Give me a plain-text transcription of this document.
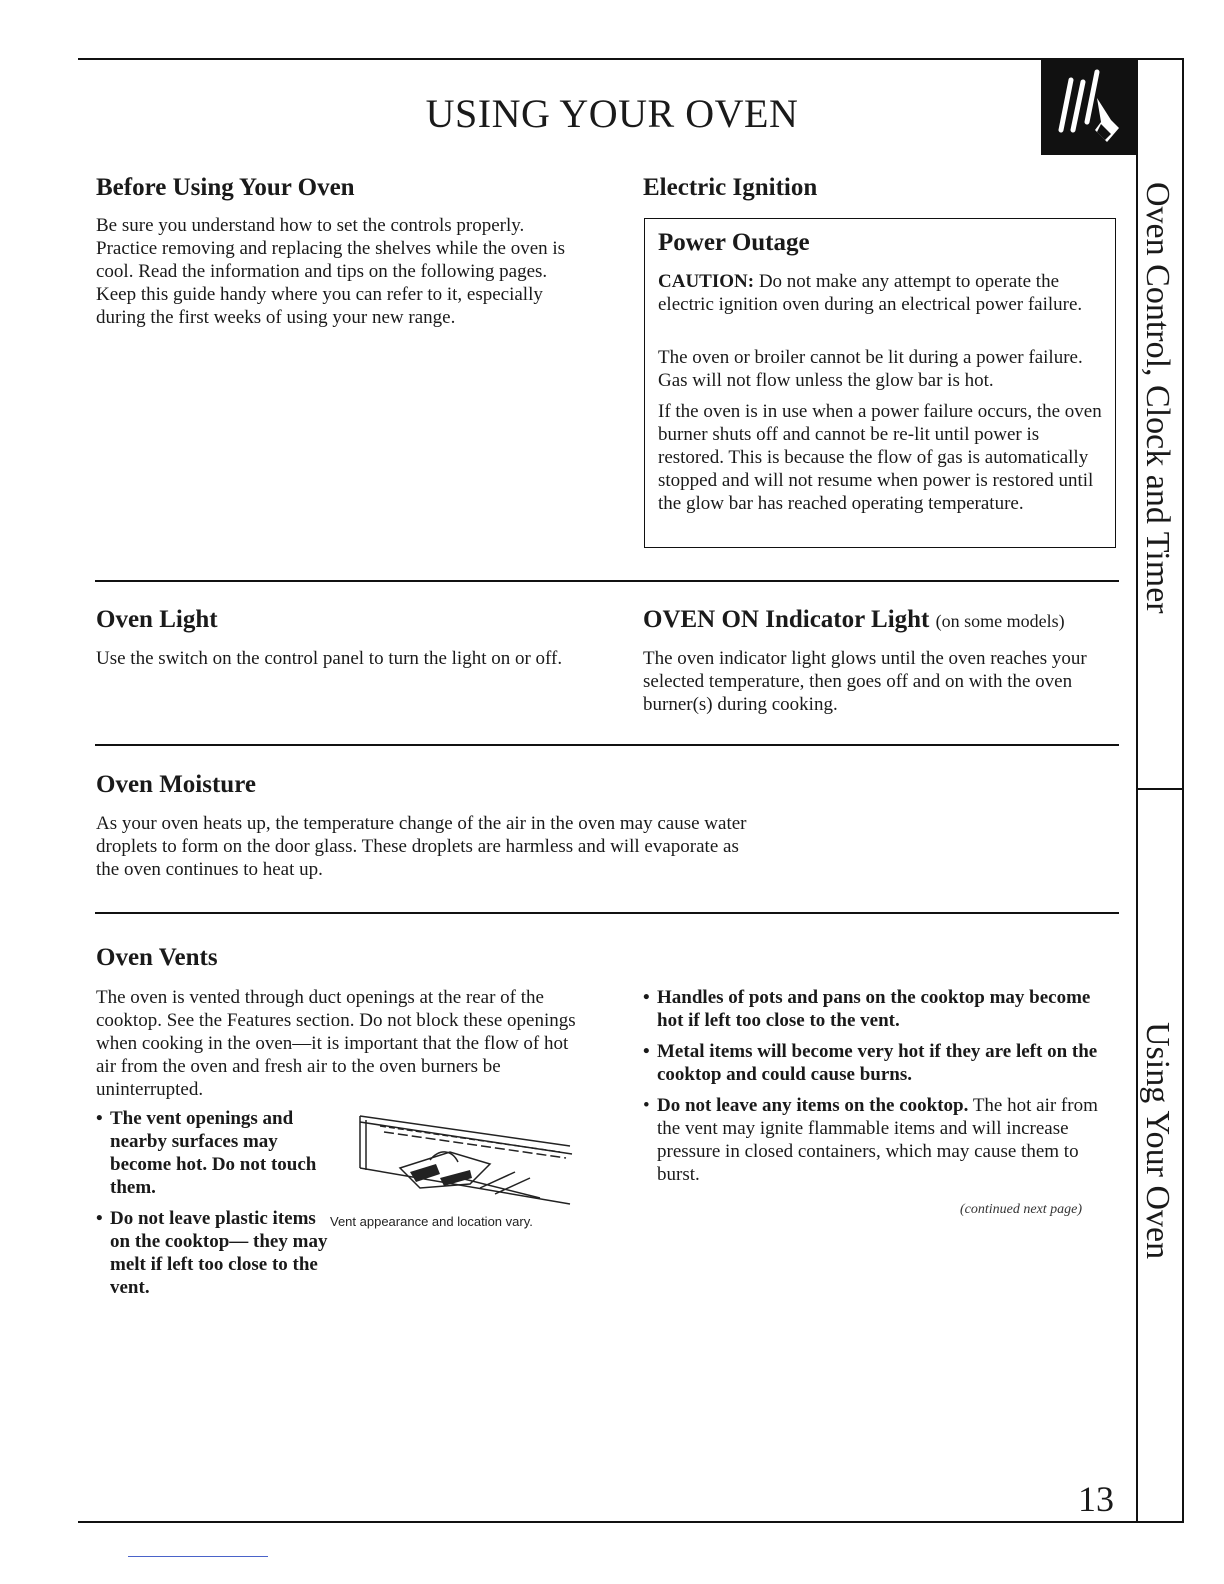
USING YOUR OVEN
Before Using Your Oven

Be sure you understand how to set the controls properly. Practice removing and replacing the shelves while the oven is cool. Read the information and tips on the following pages. Keep this guide handy where you can refer to it, especially during the first weeks of using your new range.

Electric Ignition
Power Outage

CAUTION: Do not make any attempt to operate the electric ignition oven during an electrical power failure.

The oven or broiler cannot be lit during a power failure. Gas will not flow unless the glow bar is hot.

If the oven is in use when a power failure occurs, the oven burner shuts off and cannot be re-lit until power is restored. This is because the flow of gas is automatically stopped and will not resume when power is restored until the glow bar has reached operating temperature.

Oven Light

Use the switch on the control panel to turn the light on or off.

OVEN ON Indicator Light (on some models)

The oven indicator light glows until the oven reaches your selected temperature, then goes off and on with the oven burner(s) during cooking.

Oven Moisture

As your oven heats up, the temperature change of the air in the oven may cause water droplets to form on the door glass. These droplets are harmless and will evaporate as the oven continues to heat up.

Oven Vents

The oven is vented through duct openings at the rear of the cooktop. See the Features section. Do not block these openings when cooking in the oven—it is important that the flow of hot air from the oven and fresh air to the oven burners be uninterrupted.

• The vent openings and nearby surfaces may become hot. Do not touch them.
• Do not leave plastic items on the cooktop— they may melt if left too close to the vent.
Vent appearance and location vary.
• Handles of pots and pans on the cooktop may become hot if left too close to the vent.
• Metal items will become very hot if they are left on the cooktop and could cause burns.
• Do not leave any items on the cooktop. The hot air from the vent may ignite flammable items and will increase pressure in closed containers, which may cause them to burst.
(continued next page)
Oven Control, Clock and Timer
Using Your Oven
13
